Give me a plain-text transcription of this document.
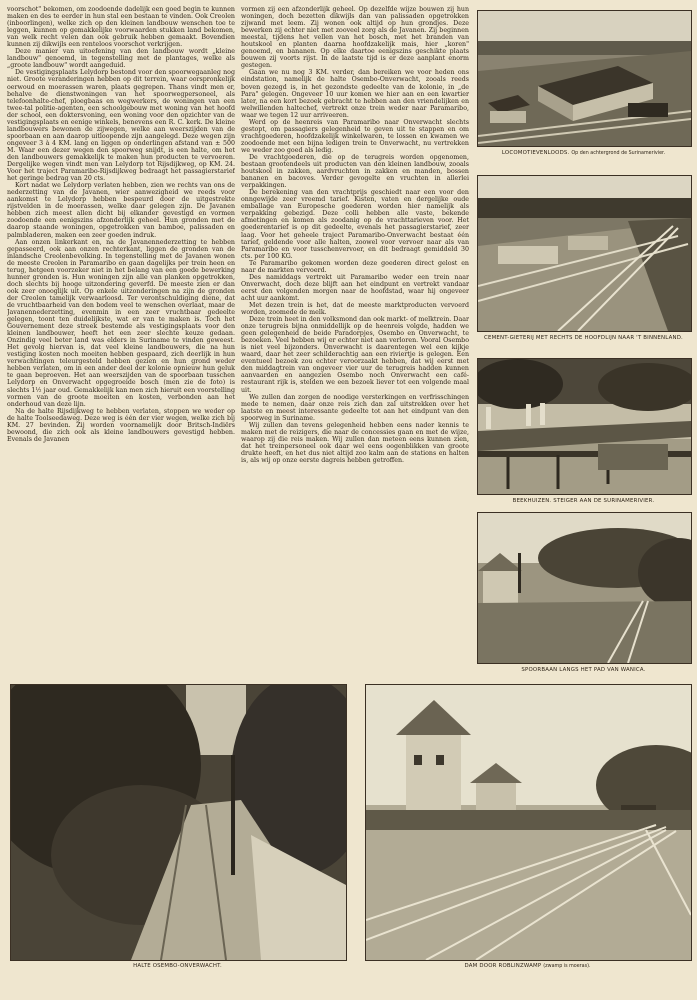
voorschot" bekomen, om zoodoende dadelijk een goed begin te kunnen maken en des te eerder in hun stal een bestaan te vinden. Ook Creolen (inboorlingen), welke zich op den kleinen landbouw wenschen toe te leggen, kunnen op gemakkelijke voorwaarden stukken land bekomen, van welk recht velen dan ook gebruik hebben gemaakt. Bovendien kunnen zij dikwijls een renteloos voorschot verkrijgen.

Deze manier van uitoefening van den landbouw wordt „kleine landbouw" genoemd, in tegenstelling met de plantages, welke als „groote landbouw" wordt aangeduid.

De vestigingsplaats Lelydorp bestond voor den spoorwegaanleg nog niet. Groote veranderingen hebben op dit terrein, waar oorspronkelijk oerwoud en moerassen waren, plaats gegrepen. Thans vindt men er, behalve de dienstwoningen van het spoorwegpersoneel, als telefoonhalte-chef, ploegbaas en wegwerkers, de woningen van een twee-tal politie-agenten, een schoolgebouw met woning van het hoofd der school, een doktersvoning, een woning voor den opzichter van de vestigingsplaats en eenige winkels, benevens een R. C. kerk. De kleine landbouwers bewonen de zijwegen, welke aan weerszijden van de spoorbaan en aan daarop uitloopende zijn aangelegd. Deze wegen zijn ongeveer 3 à 4 KM. lang en liggen op onderlingen afstand van ± 500 M. Waar een dezer wegen den spoorweg snijdt, is een halte, om het den landbouwers gemakkelijk te maken hun producten te vervoeren. Dergelijke wegen vindt men van Lelydorp tot Rijsdijkweg, op KM. 24. Voor het traject Paramaribo-Rijsdijkweg bedraagt het passagierstarief het geringe bedrag van 20 cts.

Kort nadat we Lelydorp verlaten hebben, zien we rechts van ons de nederzetting van de Javanen, wier aanwezigheid we reeds voor aankomst te Lelydorp hebben bespeurd door de uitgestrekte rijstvelden in de moerassen, welke daar gelegen zijn. De Javanen hebben zich meest allen dicht bij elkander gevestigd en vormen zoodoende een eenigszins afzonderlijk geheel. Hun gronden met de daarop staande woningen, opgetrokken van bamboe, palissaden en palmbladeren, maken een zeer goeden indruk.

Aan onzen linkerkant en, na de Javanennederzetting te hebben gepasseerd, ook aan onzen rechterkant, liggen de gronden van de inlandsche Creolenbevolking. In tegenstelling met de Javanen wonen de meeste Creolen in Paramaribo en gaan dagelijks per trein heen en terug, hetgeen voorzeker niet in het belang van een goede bewerking hunner gronden is. Hun woningen zijn alle van planken opgetrokken, doch slechts bij hooge uitzondering geverfd. De meeste zien er dan ook zeer onooglijk uit. Op enkele uitzonderingen na zijn de gronden der Creolen tamelijk verwaarloosd. Ter verontschuldiging diene, dat de vruchtbaarheid van den bodem veel te wenschen overlaat, maar de Javanennederzetting, evenmin in een zeer vruchtbaar gedeelte gelegen, toont ten duidelijkste, wat er van te maken is. Toch het Gouvernement deze streek bestemde als vestigingsplaats voor den kleinen landbouwer, heeft het een zeer slechte keuze gedaan. Onzindig veel beter land was elders in Suriname te vinden geweest. Het gevolg hiervan is, dat veel kleine landbouwers, die na hun vestiging kosten noch moeiten hebben gespaard, zich deerlijk in hun verwachtingen teleurgesteld hebben gezien en hun grond weder hebben verlaten, om in een ander deel der kolonie opnieuw hun geluk te gaan beproeven. Het aan weerszijden van de spoorbaan tusschen Lelydorp en Onverwacht opgegroeide bosch (men zie de foto) is slechts 1½ jaar oud. Gemakkelijk kan men zich hieruit een voorstelling vormen van de groote moeiten en kosten, verbonden aan het onderhoud van deze lijn.

Na de halte Rijsdijkweg te hebben verlaten, stoppen we weder op de halte Toolseedaweg. Deze weg is één der vier wegen, welke zich bij KM. 27 bevinden. Zij worden voornamelijk door Britsch-Indiërs bewoond, die zich ook als kleine landbouwers gevestigd hebben. Evenals de Javanen

vormen zij een afzonderlijk geheel. Op dezelfde wijze bouwen zij hun woningen, doch bezetten dikwijls dan van palissaden opgetrokken zijwand met leem. Zij wonen ook altijd op hun grondjes. Deze bewerken zij echter niet met zooveel zorg als de Javanen. Zij beginnen meestal, tijdens het vellen van het bosch, met het branden van houtskool en planten daarna hoofdzakelijk mais, hier „koren" genoemd, en bananen. Op elke daartoe eenigszins geschikte plaats bouwen zij voorts rijst. In de laatste tijd is er deze aanplant enorm gestegen.

Gaan we nu nog 3 KM. verder, dan bereiken we voor heden ons eindstation, namelijk de halte Osembo-Onverwacht, zooals reeds boven gezegd is, in het gezondste gedeelte van de kolonie, in „de Para" gelegen. Ongeveer 10 uur komen we hier aan en een kwartier later, na een kort bezoek gebracht te hebben aan den vriendelijken en welwillenden haltechef, vertrekt onze trein weder naar Paramaribo, waar we tegen 12 uur arriveeren.

Werd op de heenreis van Paramaribo naar Onverwacht slechts gestopt, om passagiers gelegenheid te geven uit te stappen en om vrachtgoederen, hoofdzakelijk winkelwaren, te lossen en kwamen we zoodoende met een bijna ledigen trein te Onverwacht, nu vertrekken we weder zoo goed als ledig.

De vrachtgoederen, die op de terugreis worden opgenomen, bestaan grootendeels uit producten van den kleinen landbouw, zooals houtskool in zakken, aardvruchten in zakken en manden, bossen bananen en bacoves. Verder gevogelte en vruchten in allerlei verpakkingen.

De berekening van den vrachtprijs geschiedt naar een voor den onngewijde zeer vreemd tarief. Kisten, vaten en dergelijke oude emballage van Europesche goederen worden hier namelijk als verpakking gebezigd. Deze colli hebben alle vaste, bekende afmetingen en komen als zoodanig op de vrachttarieven voor. Het goederentarief is op dit gedeelte, evenals het passagierstarief, zeer laag. Voor het geheele traject Paramaribo-Onverwacht bestaat één tarief, geldende voor alle halten, zoowel voor vervoer naar als van Paramaribo en voor tusschenvervoer, en dit bedraagt gemiddeld 30 cts. per 100 KG.

Te Paramaribo gekomen worden deze goederen direct gelost en naar de markten vervoerd.

Des namiddags vertrekt uit Paramaribo weder een trein naar Onverwacht, doch deze blijft aan het eindpunt en vertrekt vandaar eerst den volgenden morgen naar de hoofdstad, waar hij ongeveer acht uur aankomt.

Met dezen trein is het, dat de meeste marktproducten vervoerd worden, zoomede de melk.

Deze trein heet in den volksmond dan ook markt- of melktrein. Daar onze terugreis bijna onmiddellijk op de heenreis volgde, hadden we geen gelegenheid de beide Paradorpjes, Osembo en Onverwacht, te bezoeken. Veel hebben wij er echter niet aan verloren. Vooral Osembo is niet veel bijzonders. Onverwacht is daarentegen wel een kijkje waard, daar het zeer schilderachtig aan een riviertje is gelegen. Een eventueel bezoek zou echter veroorzaakt hebben, dat wij eerst met den middagtrein van ongeveer vier uur de terugreis hadden kunnen aanvaarden en aangezien Osembo noch Onverwacht een café-restaurant rijk is, stelden we een bezoek liever tot een volgende maal uit.

We zullen dan zorgen de noodige versterkingen en verfrisschingen mede te nemen, daar onze reis zich dan zal uitstrekken over het laatste en meest interessante gedeelte tot aan het eindpunt van den spoorweg in Suriname.

Wij zullen dan tevens gelegenheid hebben eens nader kennis te maken met de reizigers, die naar de concessies gaan en met de wijze, waarop zij die reis maken. Wij zullen dan meteen eens kunnen zien, dat het treinpersoneel ook daar wel eens oogenblikken van groote drukte heeft, en het dus niet altijd zoo kalm aan de stations en halten is, als wij op onze eerste dagreis hebben getroffen.

LOCOMOTIEVENLOODS. Op den achtergrond de Surinamerivier.
CEMENT-GIETERIJ MET RECHTS DE HOOFDLIJN NAAR 'T BINNENLAND.
BEEKHUIZEN. STEIGER AAN DE SURINAMERIVIER.
SPOORBAAN LANGS HET PAD VAN WANICA.
HALTE OSEMBO-ONVERWACHT.	DAM DOOR ROBLINZWAMP (zwamp is moeras).
